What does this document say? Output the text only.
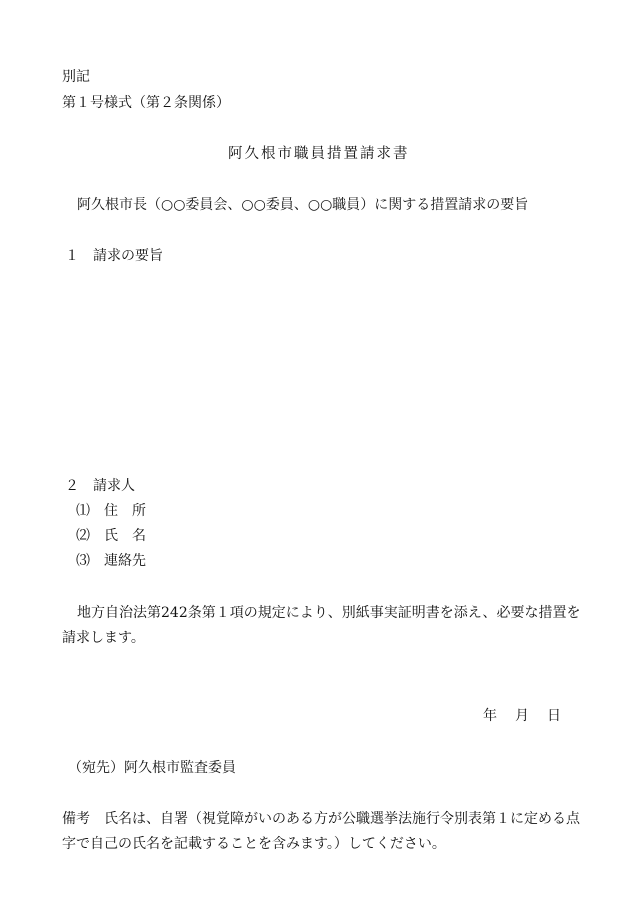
別記
第１号様式（第２条関係）
阿久根市職員措置請求書
阿久根市長（○○委員会、○○委員、○○職員）に関する措置請求の要旨
１ 請求の要旨
２ 請求人
⑴ 住　所
⑵ 氏　名
⑶ 連絡先
地方自治法第242条第１項の規定により、別紙事実証明書を添え、必要な措置を
請求します。
年 月 日
（宛先）阿久根市監査委員
備考　氏名は、自署（視覚障がいのある方が公職選挙法施行令別表第１に定める点
字で自己の氏名を記載することを含みます。）してください。
